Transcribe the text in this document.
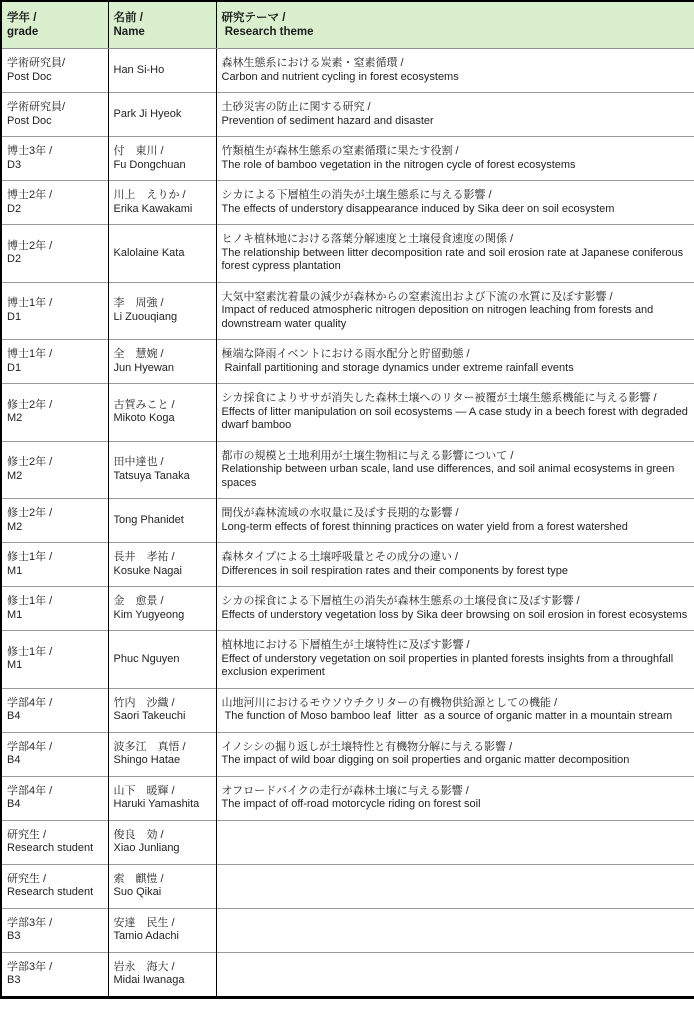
学年 /
grade	名前 /
Name	研究テーマ /
Research theme

学術研究員/
Post Doc	Han Si-Ho	森林生態系における炭素・窒素循環 /
Carbon and nutrient cycling in forest ecosystems

学術研究員/
Post Doc	Park Ji Hyeok	土砂災害の防止に関する研究 /
Prevention of sediment hazard and disaster

博士3年 /
D3	付　東川 /
Fu Dongchuan	竹類植生が森林生態系の窒素循環に果たす役割 /
The role of bamboo vegetation in the nitrogen cycle of forest ecosystems

博士2年 /
D2	川上　えりか /
Erika Kawakami	シカによる下層植生の消失が土壌生態系に与える影響 /
The effects of understory disappearance induced by Sika deer on soil ecosystem

博士2年 /
D2	Kalolaine Kata	ヒノキ植林地における落葉分解速度と土壌侵食速度の関係 /
The relationship between litter decomposition rate and soil erosion rate at Japanese coniferous forest cypress plantation

博士1年 /
D1	李　周強 /
Li Zuouqiang	大気中窒素沈着量の減少が森林からの窒素流出および下流の水質に及ぼす影響 /
Impact of reduced atmospheric nitrogen deposition on nitrogen leaching from forests and downstream water quality

博士1年 /
D1	全　慧婉 /
Jun Hyewan	極端な降雨イベントにおける雨水配分と貯留動態 /
Rainfall partitioning and storage dynamics under extreme rainfall events

修士2年 /
M2	古賀みこと /
Mikoto Koga	シカ採食によりササが消失した森林土壌へのリター被覆が土壌生態系機能に与える影響 /
Effects of litter manipulation on soil ecosystems — A case study in a beech forest with degraded  dwarf bamboo

修士2年 /
M2	田中達也 /
Tatsuya Tanaka	都市の規模と土地利用が土壌生物相に与える影響について /
Relationship between urban scale, land use differences, and soil animal ecosystems in green spaces

修士2年 /
M2	Tong Phanidet	間伐が森林流域の水収量に及ぼす長期的な影響 /
Long-term effects of forest thinning practices on water yield from a forest watershed

修士1年 /
M1	長井　孝祐 /
Kosuke Nagai	森林タイプによる土壌呼吸量とその成分の違い /
Differences in soil respiration rates and their components by forest type

修士1年 /
M1	金　愈景 /
Kim Yugyeong	シカの採食による下層植生の消失が森林生態系の土壌侵食に及ぼす影響 /
Effects of understory vegetation loss by Sika deer browsing on soil erosion in forest ecosystems

修士1年 /
M1	Phuc Nguyen	植林地における下層植生が土壌特性に及ぼす影響 /
Effect of understory vegetation on soil properties in planted forests insights from a throughfall exclusion experiment

学部4年 /
B4	竹内　沙織 /
Saori Takeuchi	山地河川におけるモウソウチクリターの有機物供給源としての機能 /
The function of Moso bamboo leaf  litter  as a source of organic matter in a mountain stream

学部4年 /
B4	波多江　真悟 /
Shingo Hatae	イノシシの掘り返しが土壌特性と有機物分解に与える影響 /
The impact of wild boar digging on soil properties and organic matter decomposition

学部4年 /
B4	山下　暖輝 /
Haruki Yamashita	オフロードバイクの走行が森林土壌に与える影響 /
The impact of off-road motorcycle riding on forest soil

研究生 /
Research student	俊良　効 /
Xiao Junliang	

研究生 /
Research student	索　麒愷 /
Suo Qikai	

学部3年 /
B3	安達　民生 /
Tamio Adachi	

学部3年 /
B3	岩永　海大 /
Midai Iwanaga	
